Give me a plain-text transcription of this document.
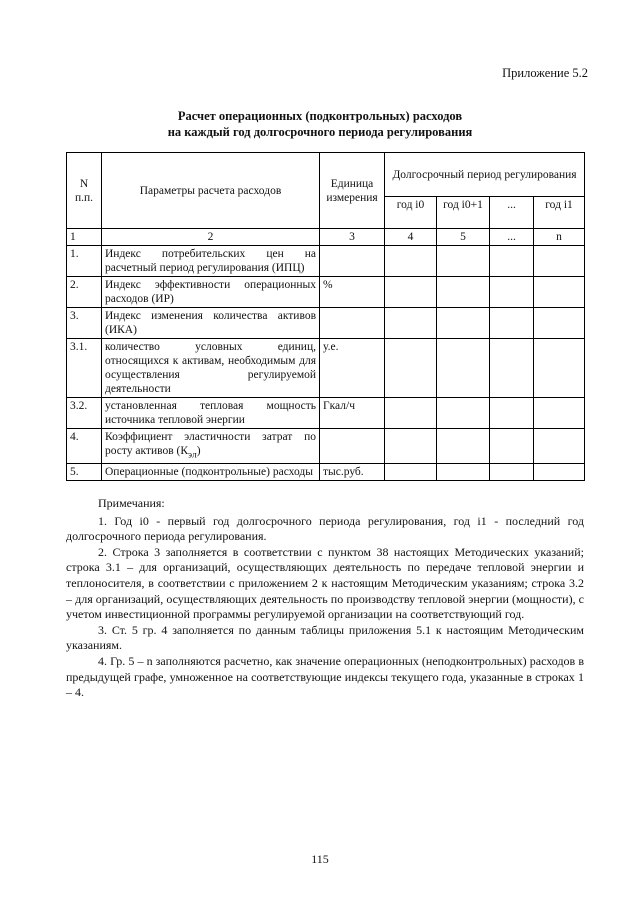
Приложение 5.2
Расчет операционных (подконтрольных) расходов
на каждый год долгосрочного периода регулирования
N п.п.	Параметры расчета расходов	Единица измерения	Долгосрочный период регулирования			
			год i0	год i0+1	...	год i1
1	2	3	4	5	...	n
1.	Индекс потребительских цен на расчетный период регулирования (ИПЦ)					
2.	Индекс эффективности операционных расходов (ИР)	%				
3.	Индекс изменения количества активов (ИКА)					
3.1.	количество условных единиц, относящихся к активам, необходимым для осуществления регулируемой деятельности	у.е.				
3.2.	установленная тепловая мощность источника тепловой энергии	Гкал/ч				
4.	Коэффициент эластичности затрат по росту активов $(К_{эл})$					
5.	Операционные (подконтрольные) расходы	тыс.руб.				

Примечания:

1. Год i0 - первый год долгосрочного периода регулирования, год i1 - последний год долгосрочного периода регулирования.

2. Строка 3 заполняется в соответствии с пунктом 38 настоящих Методических указаний; строка 3.1 – для организаций, осуществляющих деятельность по передаче тепловой энергии и теплоносителя, в соответствии с приложением 2 к настоящим Методическим указаниям; строка 3.2 – для организаций, осуществляющих деятельность по производству тепловой энергии (мощности), с учетом инвестиционной программы регулируемой организации на соответствующий год.

3. Ст. 5 гр. 4 заполняется по данным таблицы приложения 5.1 к настоящим Методическим указаниям.

4. Гр. 5 – n заполняются расчетно, как значение операционных (неподконтрольных) расходов в предыдущей графе, умноженное на соответствующие индексы текущего года, указанные в строках 1 – 4.

115
